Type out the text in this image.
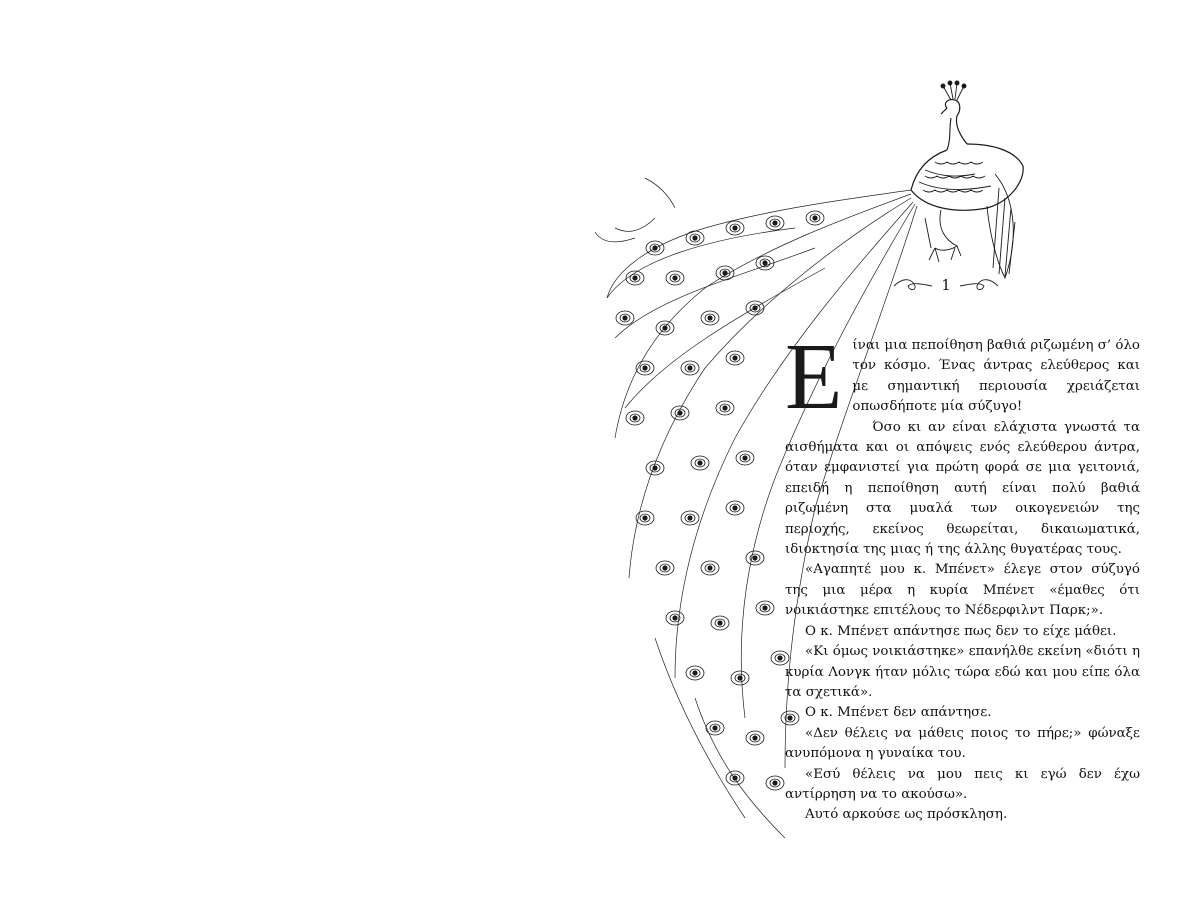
1
Ε ίναι μια πεποίθηση βαθιά ριζωμένη σ’ όλο τον κόσμο. Ένας άντρας ελεύθερος και με σημαντική περιουσία χρειάζεται οπωσδήποτε μία σύζυγο!

Όσο κι αν είναι ελάχιστα γνωστά τα αισθήματα και οι απόψεις ενός ελεύθερου άντρα, όταν εμφανιστεί για πρώτη φορά σε μια γειτονιά, επειδή η πεποίθηση αυτή είναι πολύ βαθιά ριζωμένη στα μυαλά των οικογενειών της περιοχής, εκείνος θεωρείται, δικαιωματικά, ιδιοκτησία της μιας ή της άλλης θυγατέρας τους.

«Αγαπητέ μου κ. Μπένετ» έλεγε στον σύζυγό της μια μέρα η κυρία Μπένετ «έμαθες ότι νοικιάστηκε επιτέλους το Νέδερφιλντ Παρκ;».

Ο κ. Μπένετ απάντησε πως δεν το είχε μάθει.

«Κι όμως νοικιάστηκε» επανήλθε εκείνη «διότι η κυρία Λονγκ ήταν μόλις τώρα εδώ και μου είπε όλα τα σχετικά».

Ο κ. Μπένετ δεν απάντησε.

«Δεν θέλεις να μάθεις ποιος το πήρε;» φώναξε ανυπόμονα η γυναίκα του.

«Εσύ θέλεις να μου πεις κι εγώ δεν έχω αντίρρηση να το ακούσω».

Αυτό αρκούσε ως πρόσκληση.
